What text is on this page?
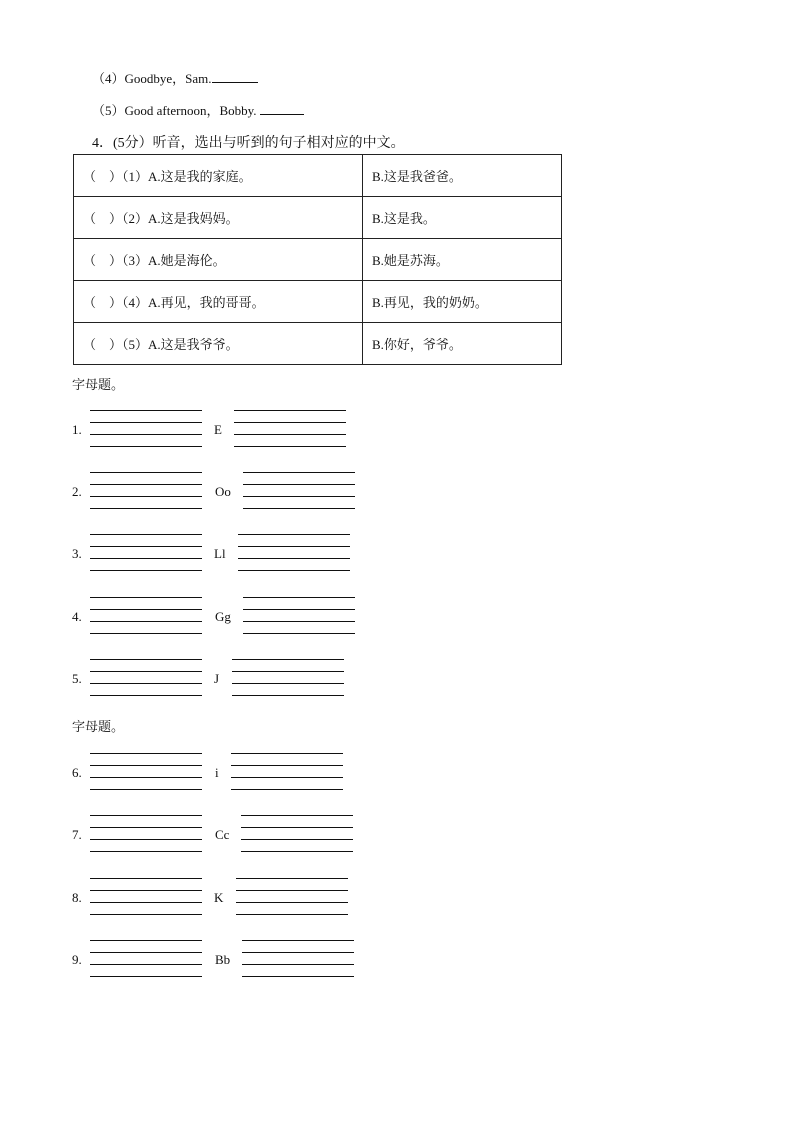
（4）Goodbye，Sam.
（5）Good afternoon，Bobby.
4．(5分）听音，选出与听到的句子相对应的中文。
（　）（1）A.这是我的家庭。	B.这是我爸爸。
（　）（2）A.这是我妈妈。	B.这是我。
（　）（3）A.她是海伦。	B.她是苏海。
（　）（4）A.再见，我的哥哥。	B.再见，我的奶奶。
（　）（5）A.这是我爷爷。	B.你好，爷爷。
字母题。
1.	E
2.	Oo
3.	Ll
4.	Gg
5.	J
字母题。
6.	i
7.	Cc
8.	K
9.	Bb
